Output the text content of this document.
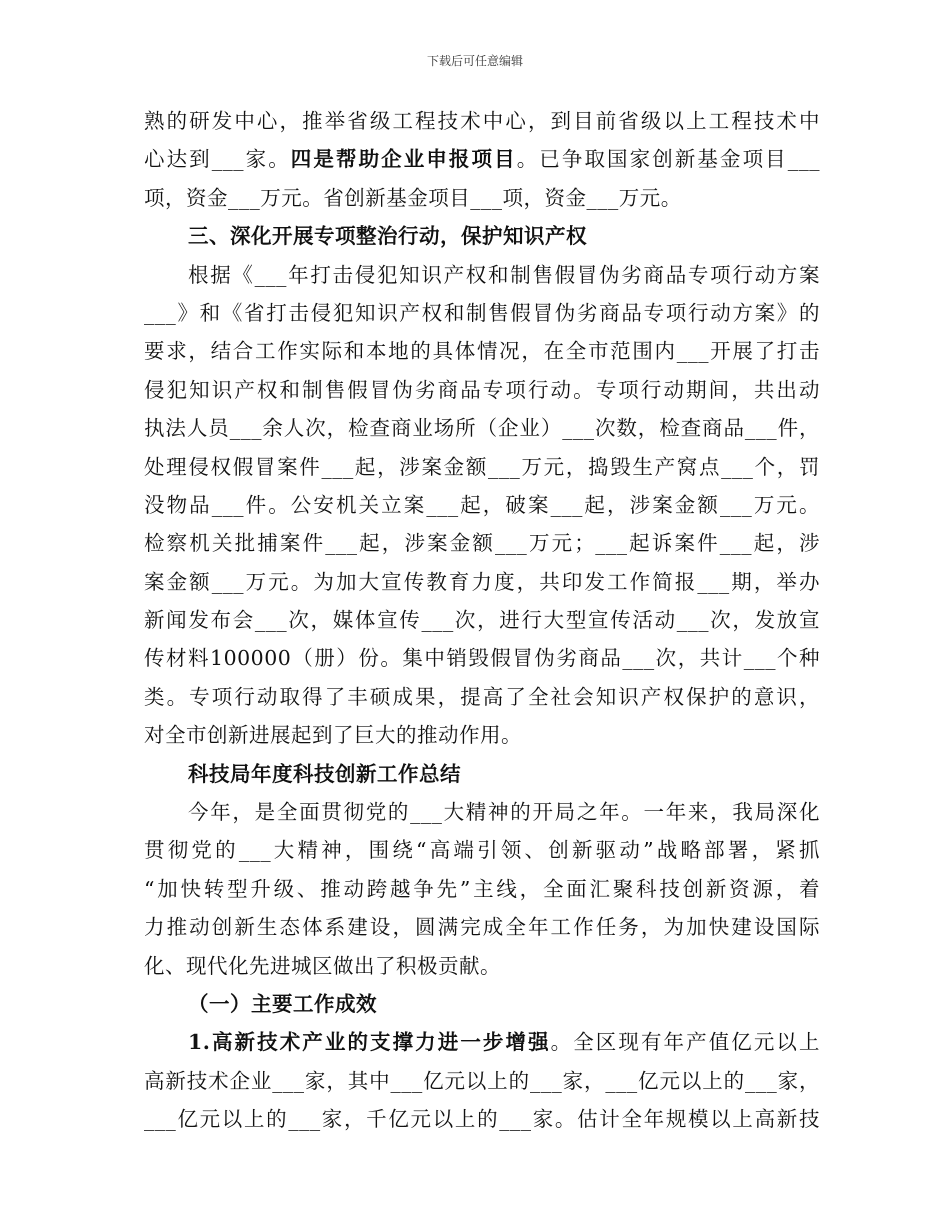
下载后可任意编辑
熟的研发中心，推举省级工程技术中心，到目前省级以上工程技术中
心达到___家。四是帮助企业申报项目。已争取国家创新基金项目___
项，资金___万元。省创新基金项目___项，资金___万元。
三、深化开展专项整治行动，保护知识产权
根据《___年打击侵犯知识产权和制售假冒伪劣商品专项行动方案
___》和《省打击侵犯知识产权和制售假冒伪劣商品专项行动方案》的
要求，结合工作实际和本地的具体情况，在全市范围内___开展了打击
侵犯知识产权和制售假冒伪劣商品专项行动。专项行动期间，共出动
执法人员___余人次，检查商业场所（企业）___次数，检查商品___件，
处理侵权假冒案件___起，涉案金额___万元，捣毁生产窝点___个，罚
没物品___件。公安机关立案___起，破案___起，涉案金额___万元。
检察机关批捕案件___起，涉案金额___万元；___起诉案件___起，涉
案金额___万元。为加大宣传教育力度，共印发工作简报___期，举办
新闻发布会___次，媒体宣传___次，进行大型宣传活动___次，发放宣
传材料100000（册）份。集中销毁假冒伪劣商品___次，共计___个种
类。专项行动取得了丰硕成果，提高了全社会知识产权保护的意识，
对全市创新进展起到了巨大的推动作用。
科技局年度科技创新工作总结
今年，是全面贯彻党的___大精神的开局之年。一年来，我局深化
贯彻党的___大精神，围绕“高端引领、创新驱动”战略部署，紧抓
“加快转型升级、推动跨越争先”主线，全面汇聚科技创新资源，着
力推动创新生态体系建设，圆满完成全年工作任务，为加快建设国际
化、现代化先进城区做出了积极贡献。
（一）主要工作成效
1.高新技术产业的支撑力进一步增强。全区现有年产值亿元以上
高新技术企业___家，其中___亿元以上的___家，___亿元以上的___家，
___亿元以上的___家，千亿元以上的___家。估计全年规模以上高新技
